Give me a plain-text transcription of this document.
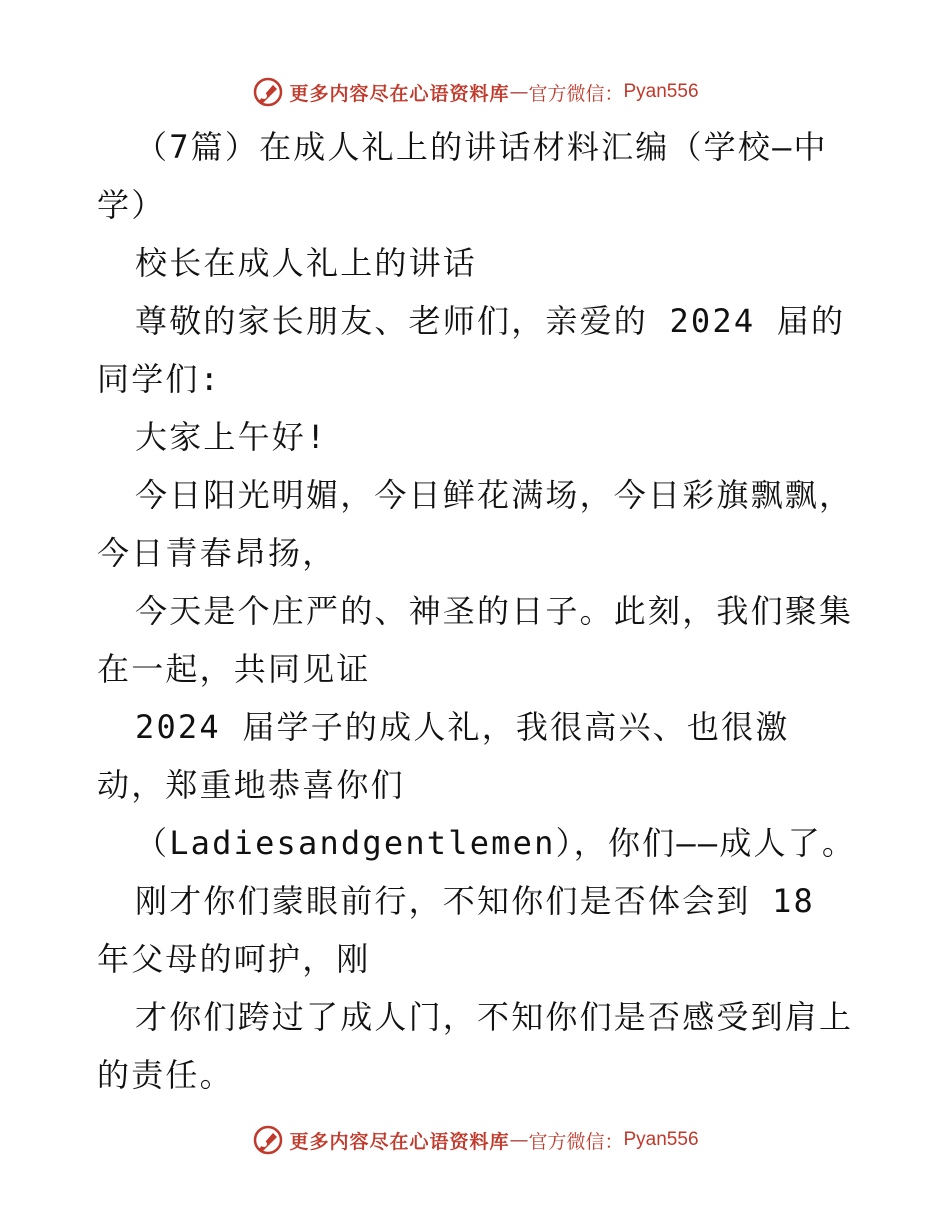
更多内容尽在心语资料库 — 官方微信： Pyan556

（7篇）在成人礼上的讲话材料汇编（学校—中学）

校长在成人礼上的讲话

尊敬的家长朋友、老师们，亲爱的 2024 届的同学们:

大家上午好!

今日阳光明媚，今日鲜花满场，今日彩旗飘飘，今日青春昂扬，

今天是个庄严的、神圣的日子。此刻，我们聚集在一起，共同见证

2024 届学子的成人礼，我很高兴、也很激动，郑重地恭喜你们

（Ladiesandgentlemen），你们——成人了。

刚才你们蒙眼前行，不知你们是否体会到 18 年父母的呵护，刚

才你们跨过了成人门，不知你们是否感受到肩上的责任。

更多内容尽在心语资料库 — 官方微信： Pyan556
